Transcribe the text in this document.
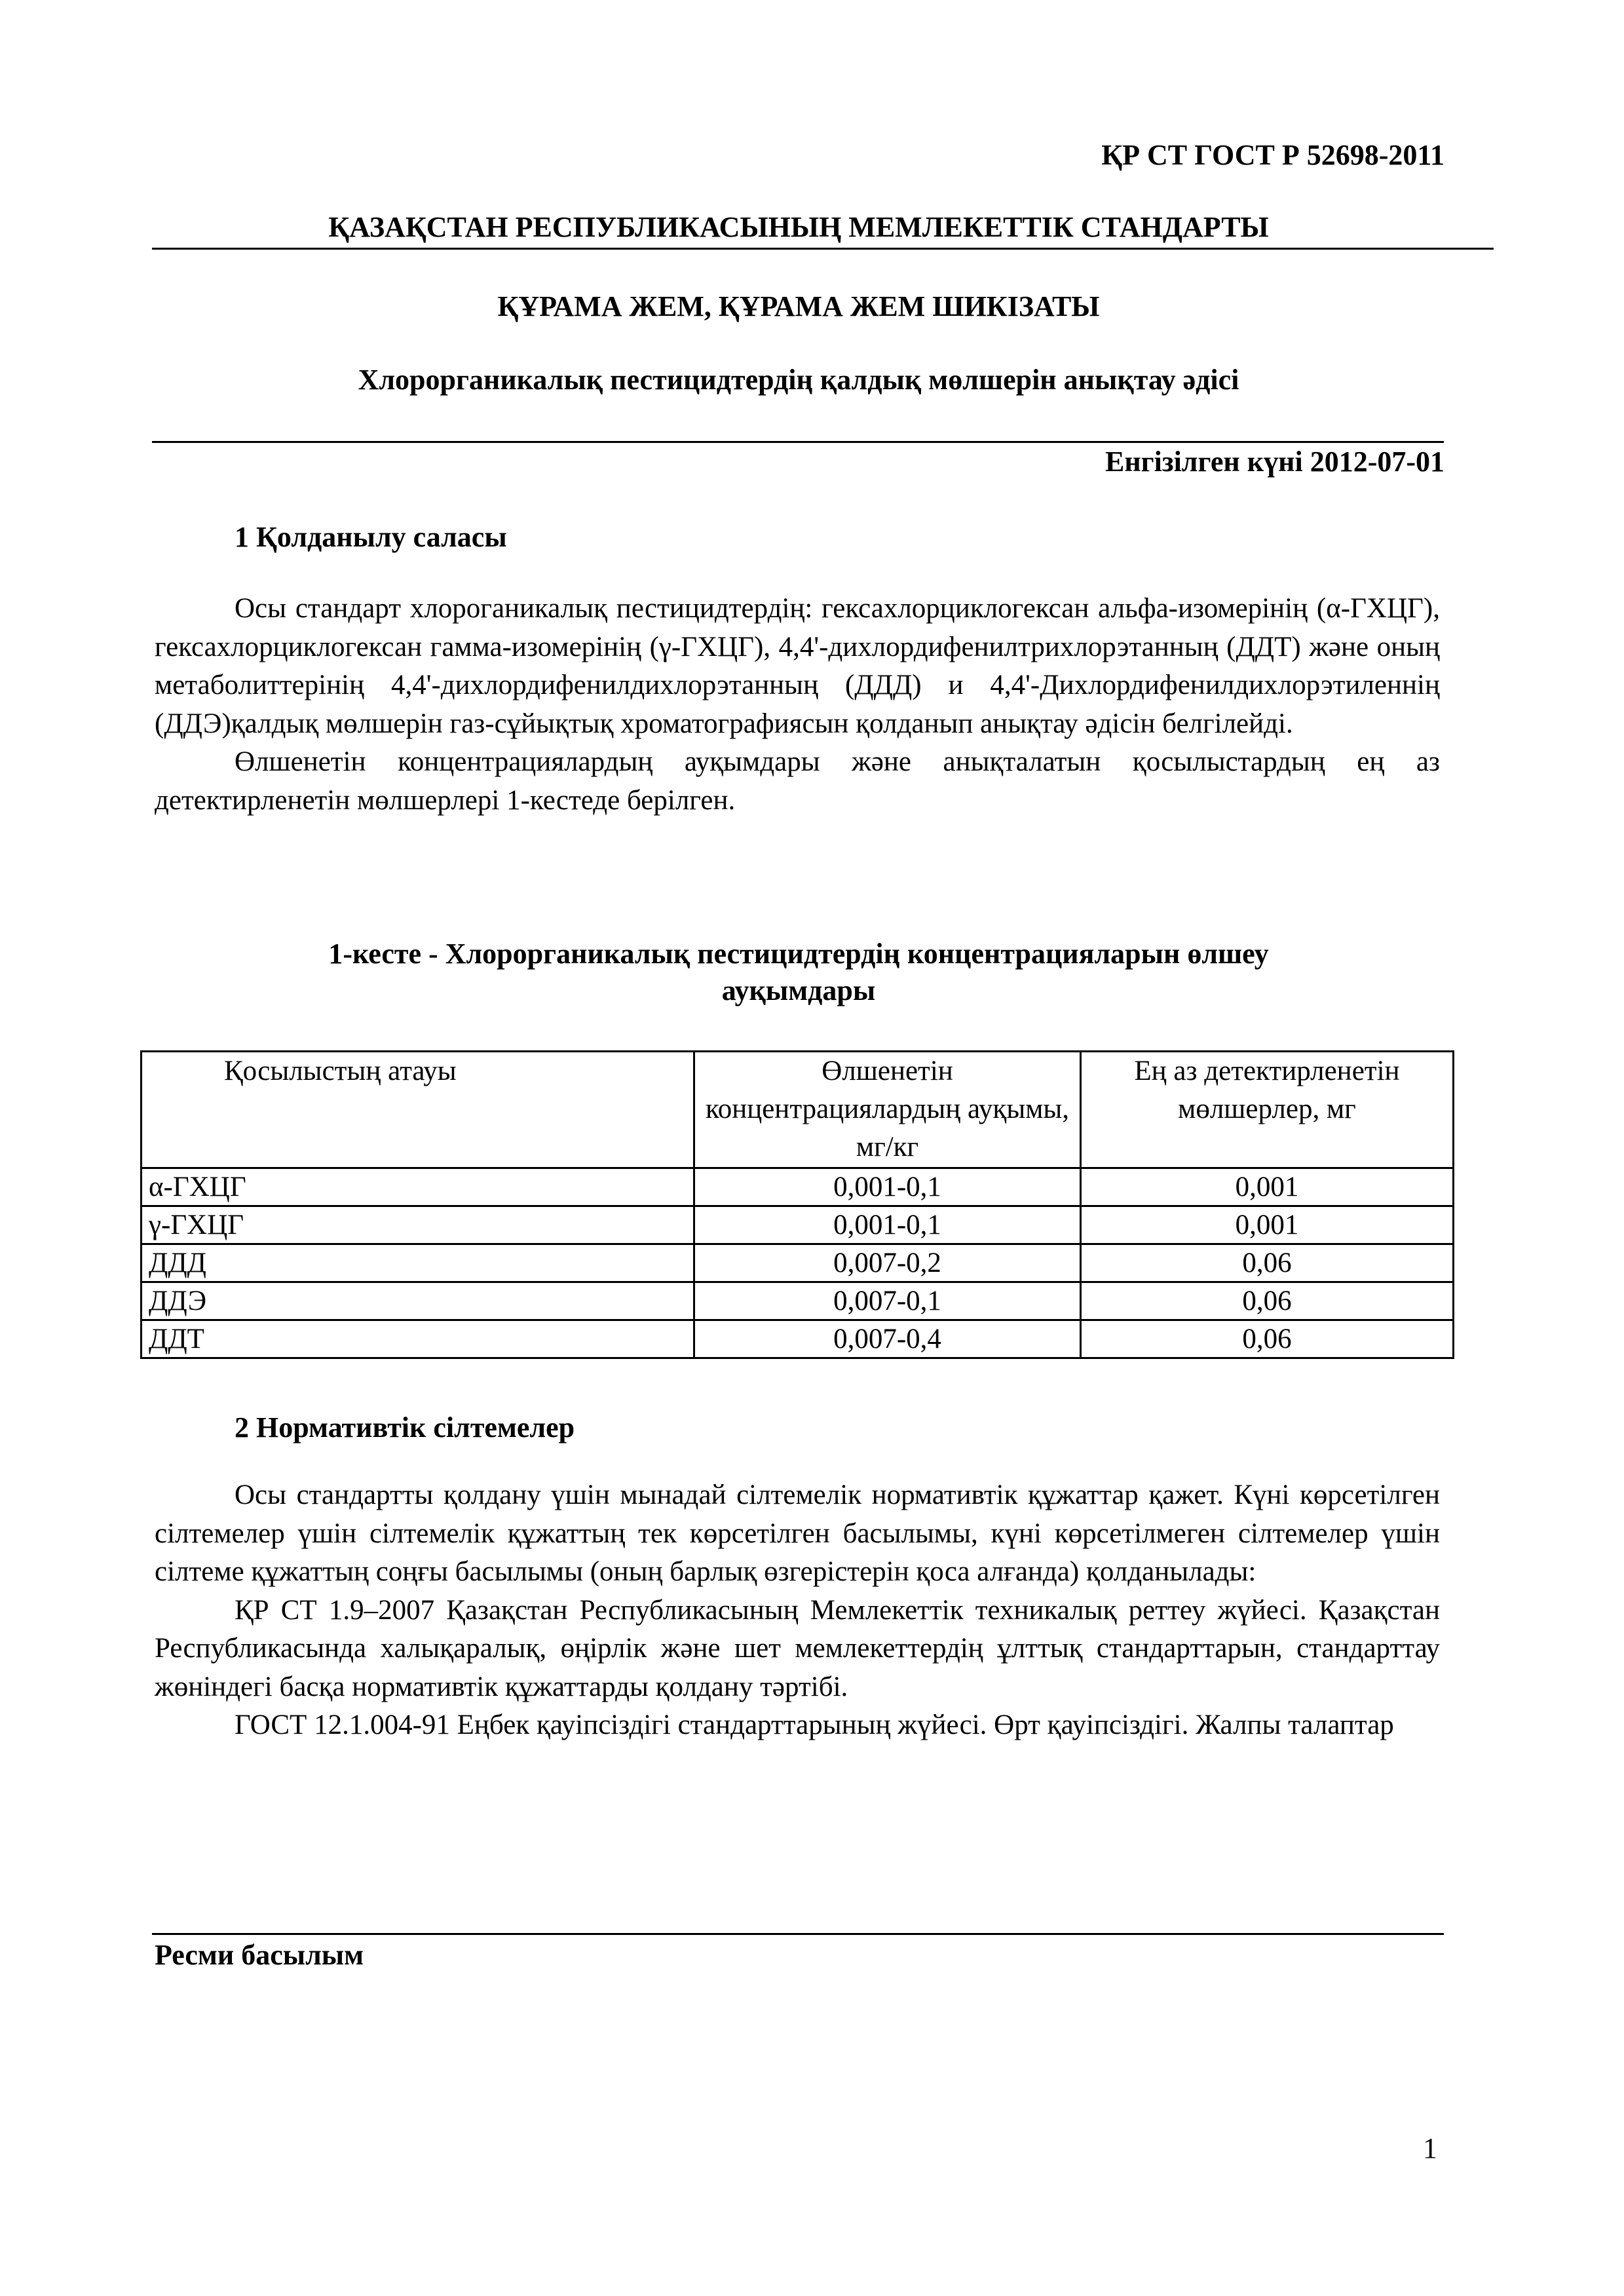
ҚР СТ ГОСТ Р 52698-2011
ҚАЗАҚСТАН РЕСПУБЛИКАСЫНЫҢ МЕМЛЕКЕТТІК СТАНДАРТЫ
ҚҰРАМА ЖЕМ, ҚҰРАМА ЖЕМ ШИКІЗАТЫ
Хлорорганикалық пестицидтердің қалдық мөлшерін анықтау әдісі
Енгізілген күні 2012-07-01
1 Қолданылу саласы
Осы стандарт хлороганикалық пестицидтердің: гексахлорциклогексан альфа-изомерінің (α-ГХЦГ), гексахлорциклогексан гамма-изомерінің (γ-ГХЦГ), 4,4'-дихлордифенилтрихлорэтанның (ДДТ) және оның метаболиттерінің 4,4'-дихлордифенилдихлорэтанның (ДДД) и 4,4'-Дихлордифенилдихлорэтиленнің (ДДЭ)қалдық мөлшерін газ-сұйықтық хроматографиясын қолданып анықтау әдісін белгілейді.
Өлшенетін концентрациялардың ауқымдары және анықталатын қосылыстардың ең аз детектирленетін мөлшерлері 1-кестеде берілген.
1-кесте - Хлорорганикалық пестицидтердің концентрацияларын өлшеу
ауқымдары
Қосылыстың атауы	Өлшенетін концентрациялардың ауқымы, мг/кг	Ең аз детектирленетін мөлшерлер, мг
α-ГХЦГ	0,001-0,1	0,001
γ-ГХЦГ	0,001-0,1	0,001
ДДД	0,007-0,2	0,06
ДДЭ	0,007-0,1	0,06
ДДТ	0,007-0,4	0,06
2 Нормативтік сілтемелер
Осы стандартты қолдану үшін мынадай сілтемелік нормативтік құжаттар қажет. Күні көрсетілген сілтемелер үшін сілтемелік құжаттың тек көрсетілген басылымы, күні көрсетілмеген сілтемелер үшін сілтеме құжаттың соңғы басылымы (оның барлық өзгерістерін қоса алғанда) қолданылады:
ҚР СТ 1.9–2007 Қазақстан Республикасының Мемлекеттік техникалық реттеу жүйесі. Қазақстан Республикасында халықаралық, өңірлік және шет мемлекеттердің ұлттық стандарттарын, стандарттау жөніндегі басқа нормативтік құжаттарды қолдану тәртібі.
ГОСТ 12.1.004-91 Еңбек қауіпсіздігі стандарттарының жүйесі. Өрт қауіпсіздігі. Жалпы талаптар
Ресми басылым
1
